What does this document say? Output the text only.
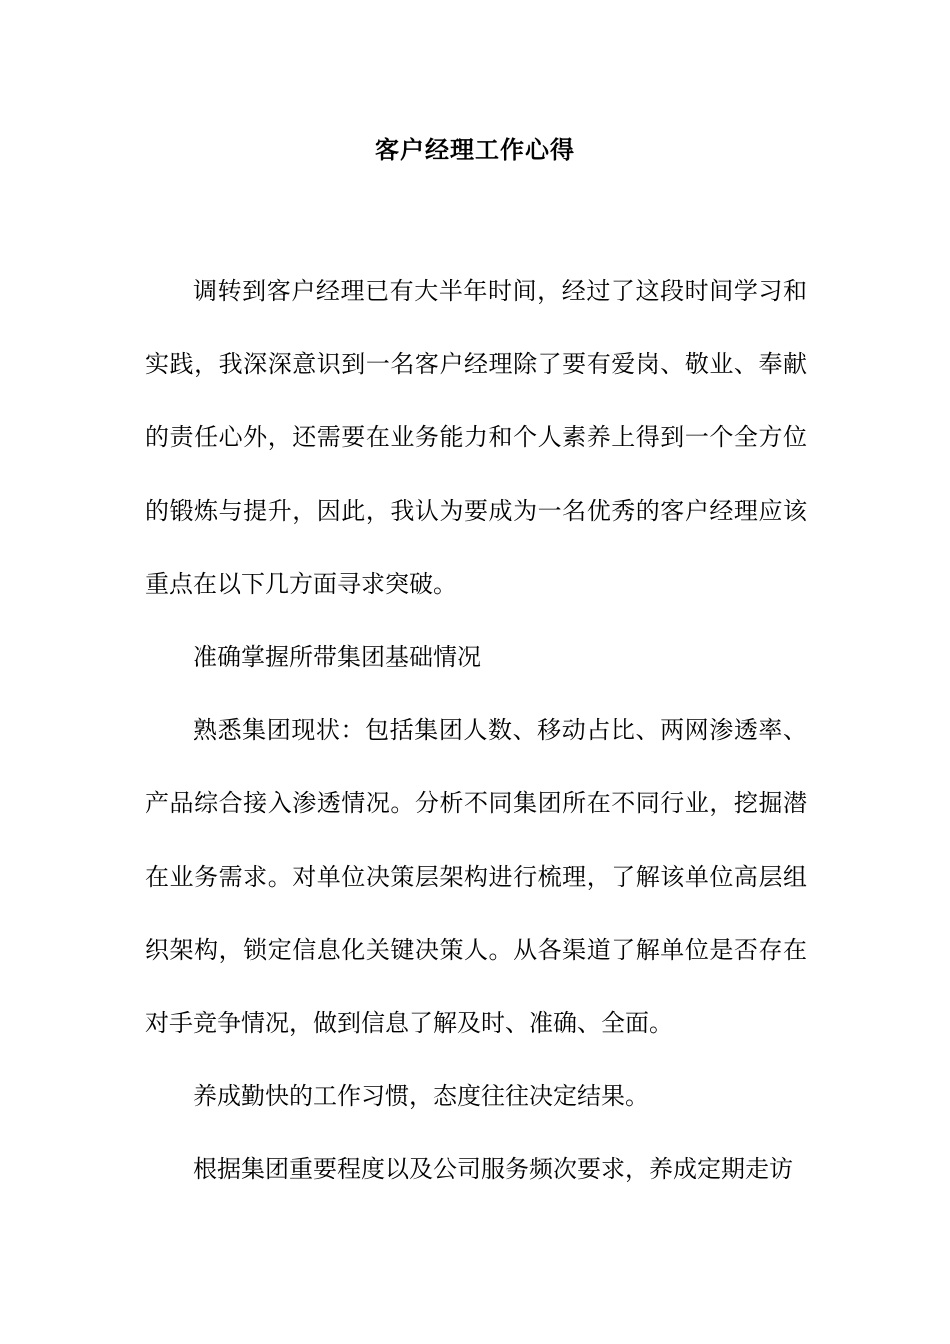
客户经理工作心得

调转到客户经理已有大半年时间，经过了这段时间学习和实践，我深深意识到一名客户经理除了要有爱岗、敬业、奉献的责任心外，还需要在业务能力和个人素养上得到一个全方位的锻炼与提升，因此，我认为要成为一名优秀的客户经理应该重点在以下几方面寻求突破。

准确掌握所带集团基础情况

熟悉集团现状：包括集团人数、移动占比、两网渗透率、产品综合接入渗透情况。分析不同集团所在不同行业，挖掘潜在业务需求。对单位决策层架构进行梳理，了解该单位高层组织架构，锁定信息化关键决策人。从各渠道了解单位是否存在对手竞争情况，做到信息了解及时、准确、全面。

养成勤快的工作习惯，态度往往决定结果。

根据集团重要程度以及公司服务频次要求，养成定期走访
